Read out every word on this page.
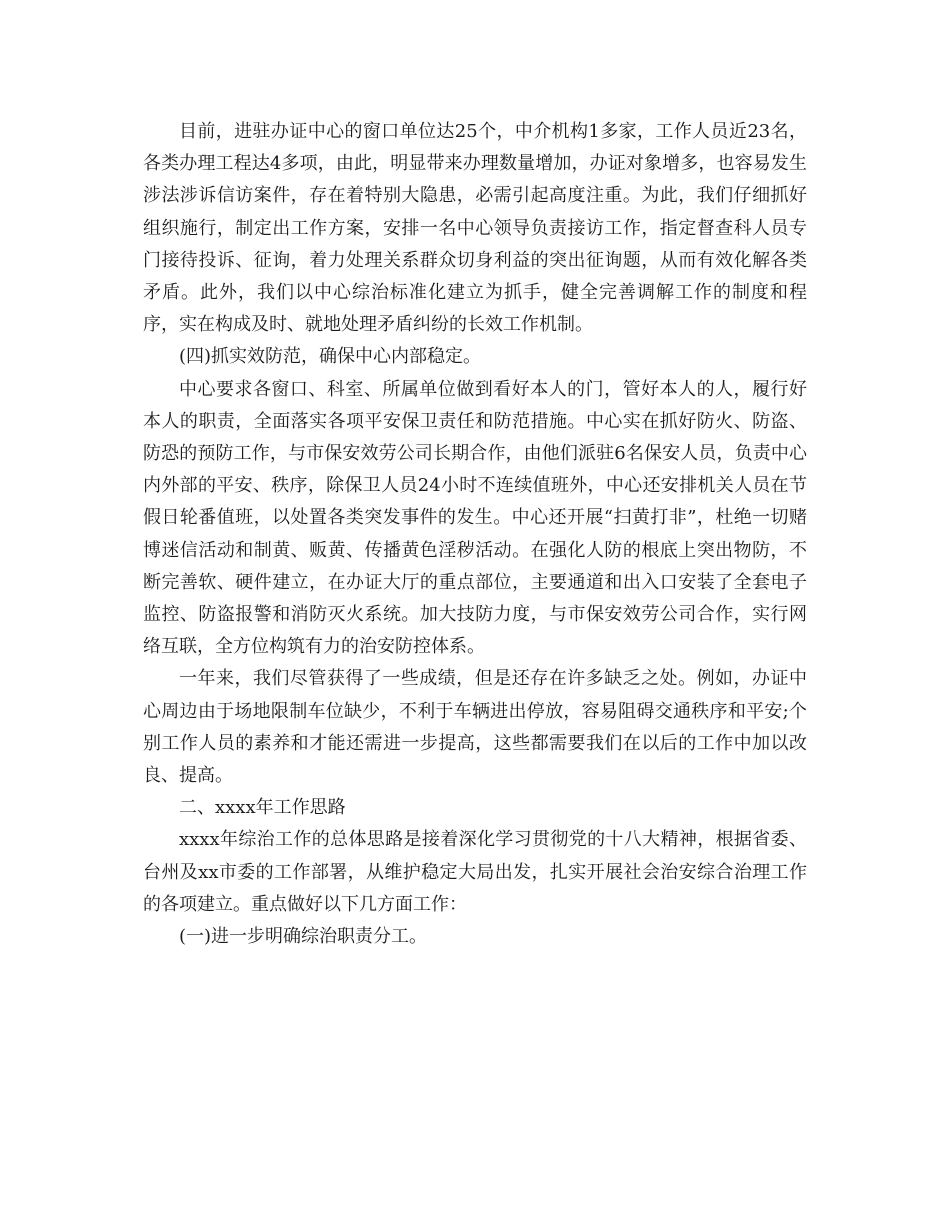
目前，进驻办证中心的窗口单位达25个，中介机构1多家，工作人员近23名，各类办理工程达4多项，由此，明显带来办理数量增加，办证对象增多，也容易发生涉法涉诉信访案件，存在着特别大隐患，必需引起高度注重。为此，我们仔细抓好组织施行，制定出工作方案，安排一名中心领导负责接访工作，指定督查科人员专门接待投诉、征询，着力处理关系群众切身利益的突出征询题，从而有效化解各类矛盾。此外，我们以中心综治标准化建立为抓手，健全完善调解工作的制度和程序，实在构成及时、就地处理矛盾纠纷的长效工作机制。

(四)抓实效防范，确保中心内部稳定。

中心要求各窗口、科室、所属单位做到看好本人的门，管好本人的人，履行好本人的职责，全面落实各项平安保卫责任和防范措施。中心实在抓好防火、防盗、防恐的预防工作，与市保安效劳公司长期合作，由他们派驻6名保安人员，负责中心内外部的平安、秩序，除保卫人员24小时不连续值班外，中心还安排机关人员在节假日轮番值班，以处置各类突发事件的发生。中心还开展“扫黄打非”，杜绝一切赌博迷信活动和制黄、贩黄、传播黄色淫秽活动。在强化人防的根底上突出物防，不断完善软、硬件建立，在办证大厅的重点部位，主要通道和出入口安装了全套电子监控、防盗报警和消防灭火系统。加大技防力度，与市保安效劳公司合作，实行网络互联，全方位构筑有力的治安防控体系。

一年来，我们尽管获得了一些成绩，但是还存在许多缺乏之处。例如，办证中心周边由于场地限制车位缺少，不利于车辆进出停放，容易阻碍交通秩序和平安;个别工作人员的素养和才能还需进一步提高，这些都需要我们在以后的工作中加以改良、提高。

二、xxxx年工作思路

xxxx年综治工作的总体思路是接着深化学习贯彻党的十八大精神，根据省委、台州及xx市委的工作部署，从维护稳定大局出发，扎实开展社会治安综合治理工作的各项建立。重点做好以下几方面工作：

(一)进一步明确综治职责分工。
